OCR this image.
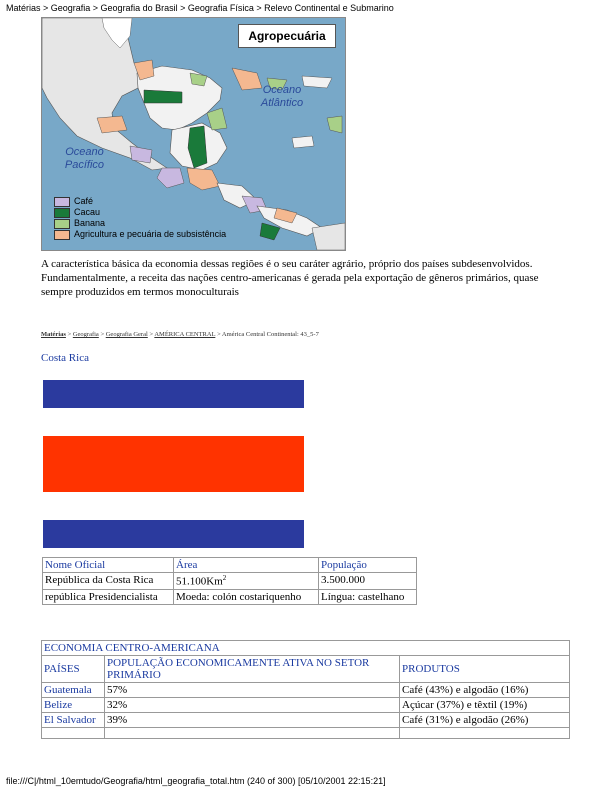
Matérias > Geografia > Geografia do Brasil > Geografia Física > Relevo Continental e Submarino
Agropecuária
Oceano Atlântico
Oceano Pacífico
Café
Cacau
Banana
Agricultura e pecuária de subsistência
A característica básica da economia dessas regiões é o seu caráter agrário, próprio dos países subdesenvolvidos. Fundamentalmente, a receita das nações centro-americanas é gerada pela exportação de gêneros primários, quase sempre produzidos em termos monoculturais
Matérias > Geografia > Geografia Geral > AMÉRICA CENTRAL > América Central Continental: 43_5-7
Costa Rica
Nome Oficial	Área	População
República da Costa Rica	51.100Km$^2$	3.500.000
república Presidencialista	Moeda: colón costariquenho	Língua: castelhano
ECONOMIA CENTRO-AMERICANA		
PAÍSES	POPULAÇÃO ECONOMICAMENTE ATIVA NO SETOR PRIMÁRIO	PRODUTOS
Guatemala	57%	Café (43%) e algodão (16%)
Belize	32%	Açúcar (37%) e têxtil (19%)
El Salvador	39%	Café (31%) e algodão (26%)

file:///C|/html_10emtudo/Geografia/html_geografia_total.htm (240 of 300) [05/10/2001 22:15:21]
